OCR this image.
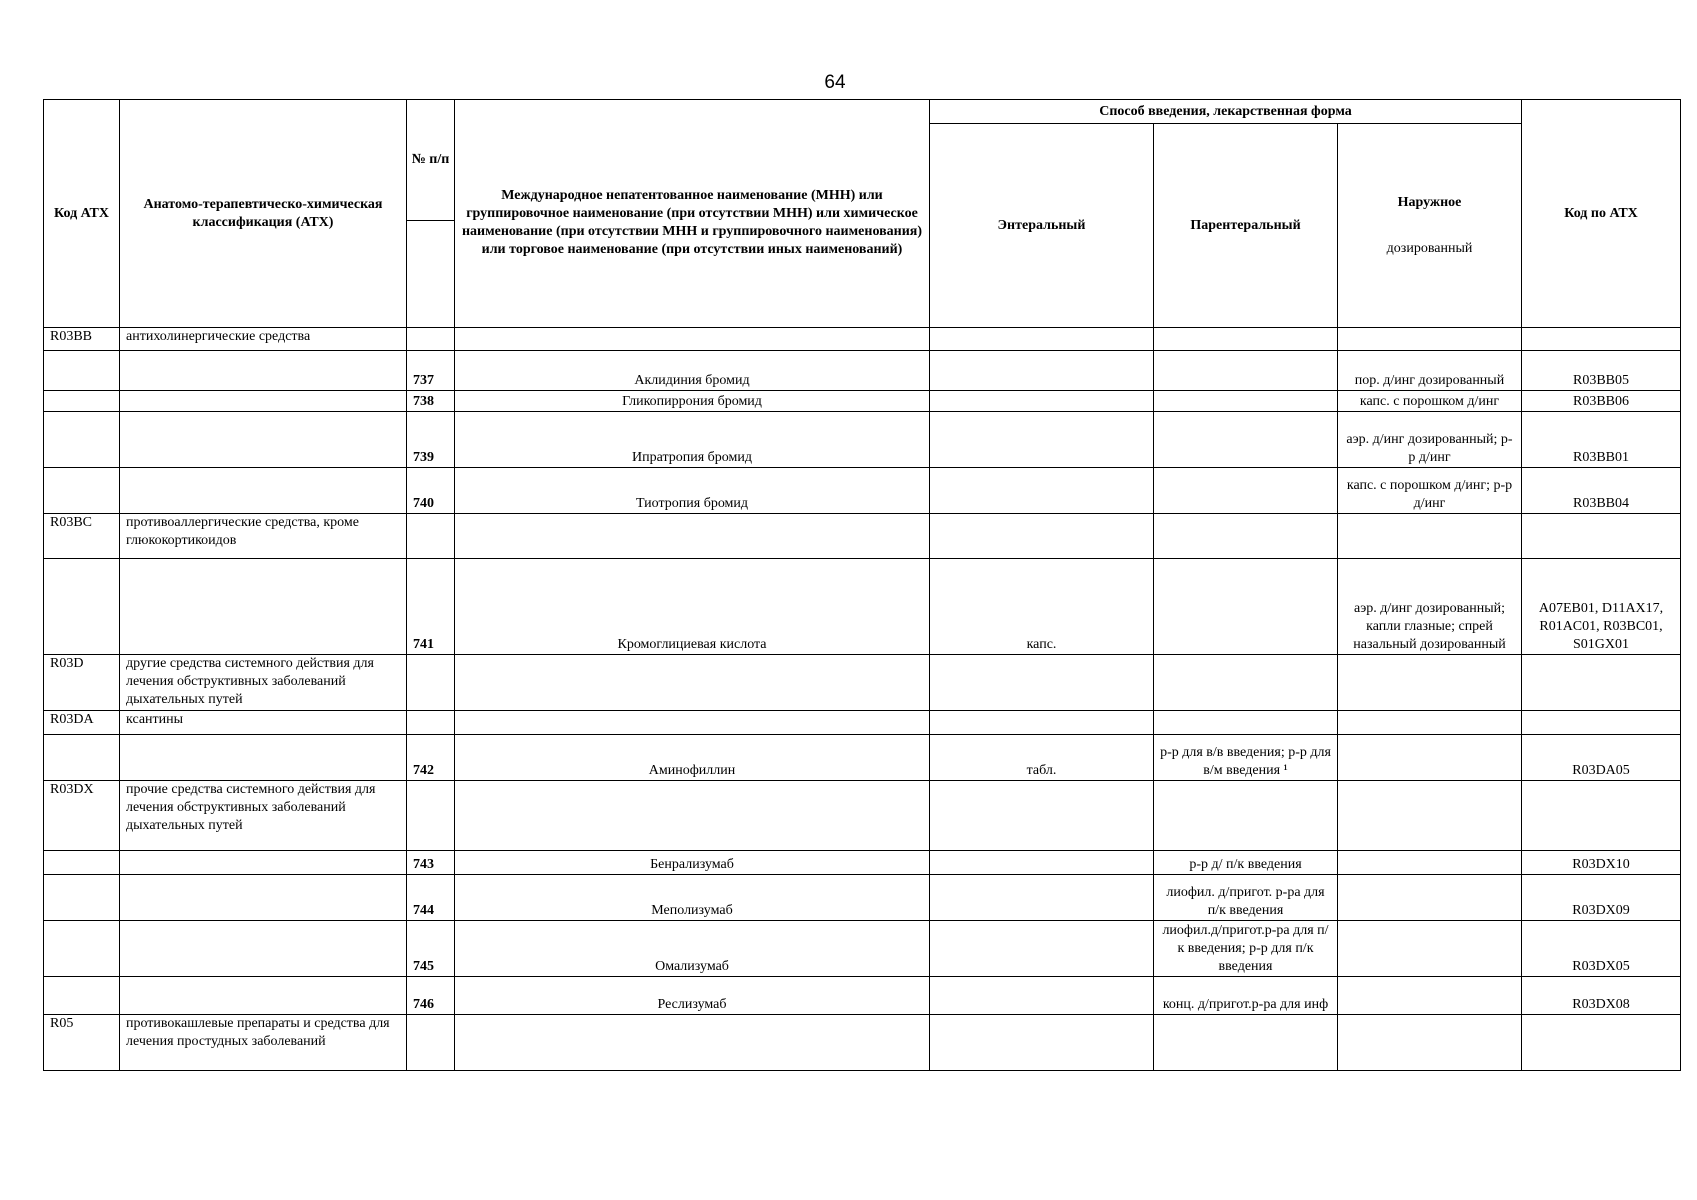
64
Код АТХ	Анатомо-терапевтическо-химическая классификация (АТХ)	№ п/п	Международное непатентованное наименование (МНН) или группировочное наименование (при отсутствии МНН) или химическое наименование (при отсутствии МНН и группировочного наименования) или торговое наименование (при отсутствии иных наименований)	Способ введения, лекарственная форма			Код по АТХ
				Энтеральный	Парентеральный	Наружное
дозированный	

R03BB	антихолинергические средства						
		737	Аклидиния бромид			пор. д/инг дозированный	R03BB05
		738	Гликопиррония бромид			капс. с порошком д/инг	R03BB06
		739	Ипратропия бромид			аэр. д/инг дозированный; р-р д/инг	R03BB01
		740	Тиотропия бромид			капс. с порошком д/инг; р-р д/инг	R03BB04
R03BC	противоаллергические средства, кроме глюкокортикоидов						
		741	Кромоглициевая кислота	капс.		аэр. д/инг дозированный; капли глазные; спрей назальный дозированный	A07EB01, D11AX17, R01AC01, R03BC01, S01GX01
R03D	другие средства системного действия для лечения обструктивных заболеваний дыхательных путей						
R03DA	ксантины						
		742	Аминофиллин	табл.	р-р для в/в введения; р-р для в/м введения ¹		R03DA05
R03DX	прочие средства системного действия для лечения обструктивных заболеваний дыхательных путей						
		743	Бенрализумаб		р-р д/ п/к введения		R03DX10
		744	Меполизумаб		лиофил. д/пригот. р-ра для п/к введения		R03DX09
		745	Омализумаб		лиофил.д/пригот.р-ра для п/к введения; р-р для п/к введения		R03DX05
		746	Реслизумаб		конц. д/пригот.р-ра для инф		R03DX08
R05	противокашлевые препараты и средства для лечения простудных заболеваний						
